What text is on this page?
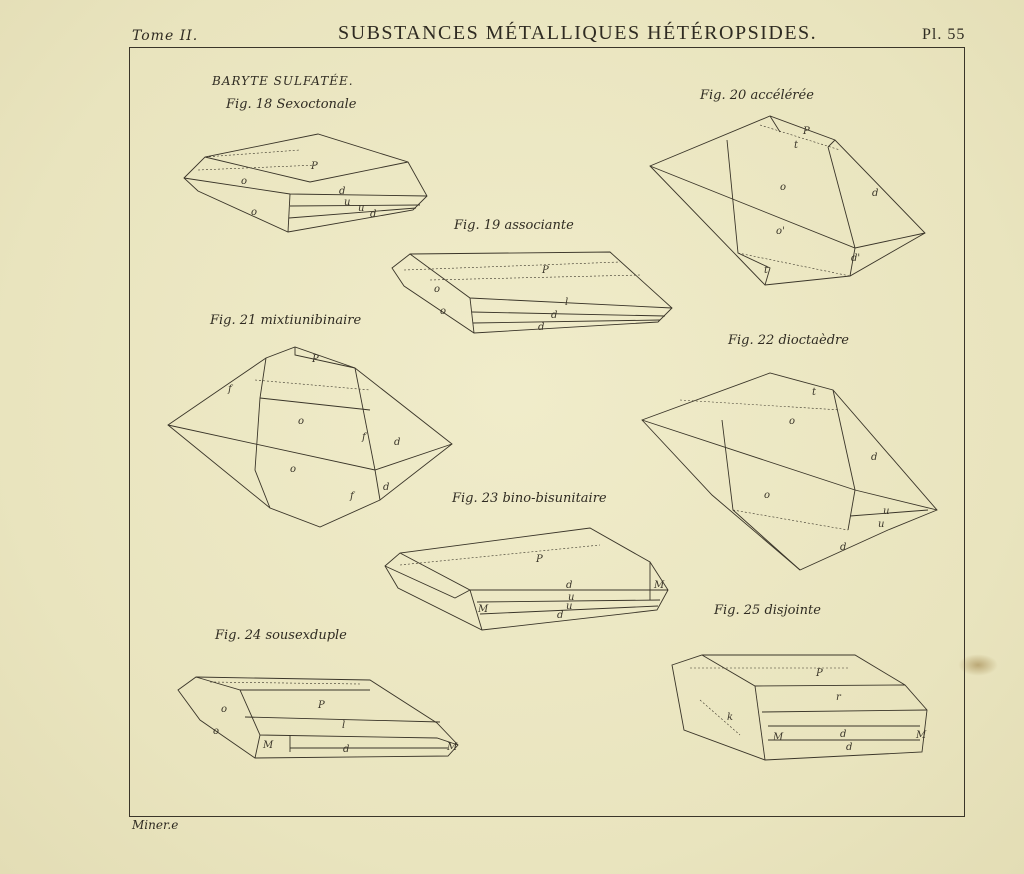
Tome II.	SUBSTANCES MÉTALLIQUES HÉTÉROPSIDES.	Pl. 55
BARYTE SULFATÉE.
Fig. 18 Sexoctonale
Fig. 20 accélérée
Fig. 19 associante
Fig. 21 mixtiunibinaire
Fig. 22 dioctaèdre
Fig. 23 bino-bisunitaire
Fig. 25 disjointe
Fig. 24 sousexduple
P
o
o
d
u
u
d
P
o
o
l
d
d
P
t
o
d
o'
d'
t
P
f
o
f	d
o
f
d
t
o
d
o
u
u
d
P
d
M
u
u
M
d
o	P
o
l
M	M
d
P
r
k
M	d
d
M
Miner.e
